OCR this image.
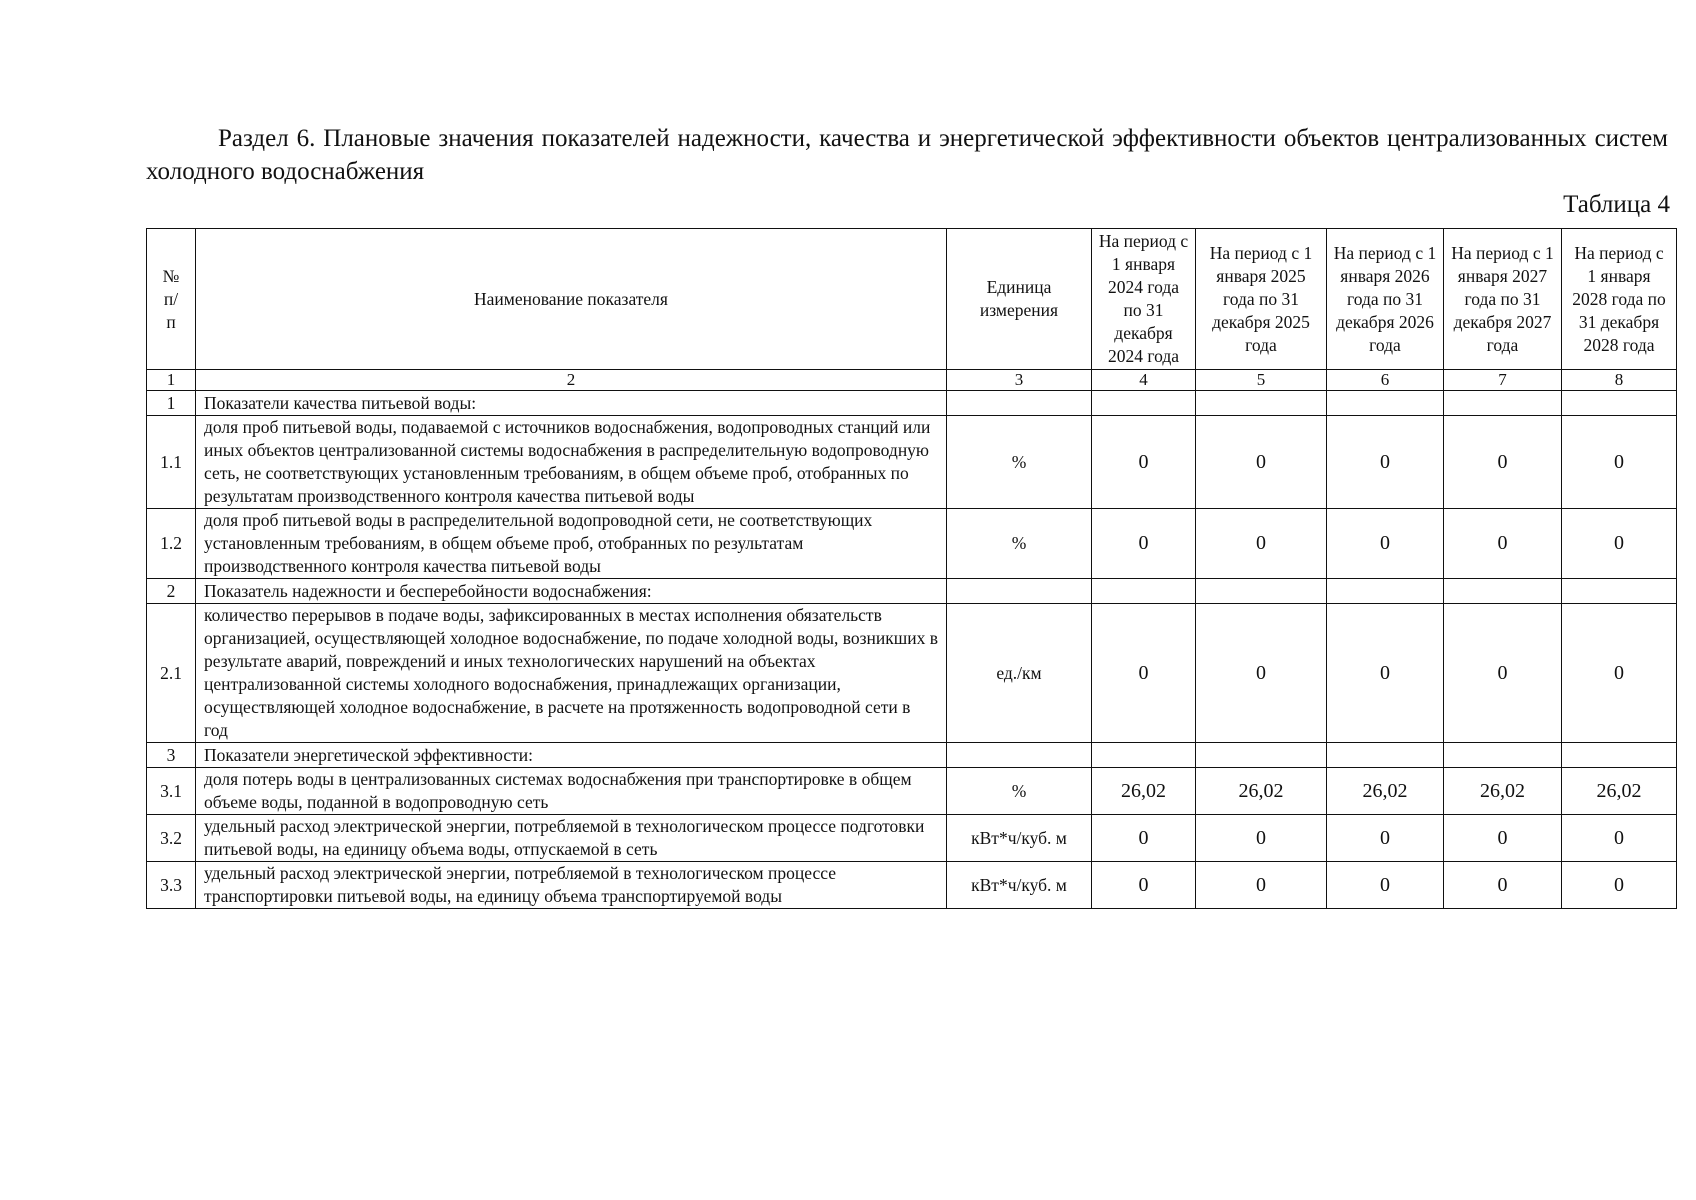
Раздел 6. Плановые значения показателей надежности, качества и энергетической эффективности объектов централизованных систем холодного водоснабжения
Таблица 4
№ п/ п	Наименование показателя	Единица измерения	На период с 1 января 2024 года по 31 декабря 2024 года	На период с 1 января 2025 года по 31 декабря 2025 года	На период с 1 января 2026 года по 31 декабря 2026 года	На период с 1 января 2027 года по 31 декабря 2027 года	На период с 1 января 2028 года по 31 декабря 2028 года
1	2	3	4	5	6	7	8
1	Показатели качества питьевой воды:						
1.1	доля проб питьевой воды, подаваемой с источников водоснабжения, водопроводных станций или иных объектов централизованной системы водоснабжения в распределительную водопроводную сеть, не соответствующих установленным требованиям, в общем объеме проб, отобранных по результатам производственного контроля качества питьевой воды	%	0	0	0	0	0
1.2	доля проб питьевой воды в распределительной водопроводной сети, не соответствующих установленным требованиям, в общем объеме проб, отобранных по результатам производственного контроля качества питьевой воды	%	0	0	0	0	0
2	Показатель надежности и бесперебойности водоснабжения:						
2.1	количество перерывов в подаче воды, зафиксированных в местах исполнения обязательств организацией, осуществляющей холодное водоснабжение, по подаче холодной воды, возникших в результате аварий, повреждений и иных технологических нарушений на объектах централизованной системы холодного водоснабжения, принадлежащих организации, осуществляющей холодное водоснабжение, в расчете на протяженность водопроводной сети в год	ед./км	0	0	0	0	0
3	Показатели энергетической эффективности:						
3.1	доля потерь воды в централизованных системах водоснабжения при транспортировке в общем объеме воды, поданной в водопроводную сеть	%	26,02	26,02	26,02	26,02	26,02
3.2	удельный расход электрической энергии, потребляемой в технологическом процессе подготовки питьевой воды, на единицу объема воды, отпускаемой в сеть	кВт*ч/куб. м	0	0	0	0	0
3.3	удельный расход электрической энергии, потребляемой в технологическом процессе транспортировки питьевой воды, на единицу объема транспортируемой воды	кВт*ч/куб. м	0	0	0	0	0
